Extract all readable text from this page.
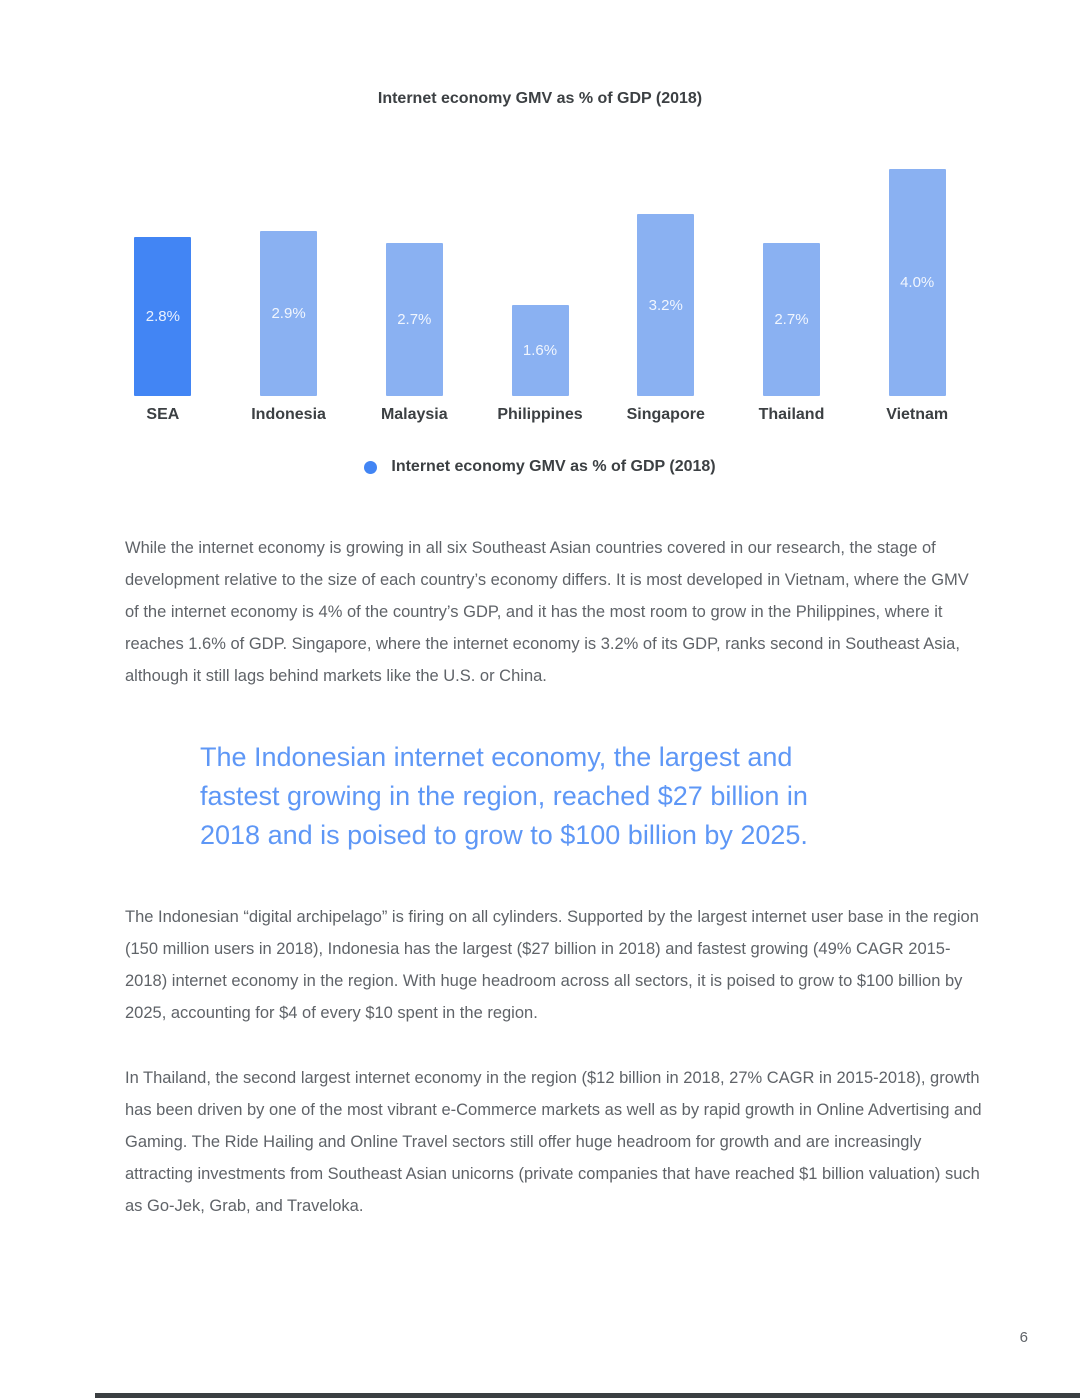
Internet economy GMV as % of GDP (2018)
2.8%	2.9%	2.7%
1.6%
3.2%
2.7%
4.0%
SEA	Indonesia	Malaysia	Philippines	Singapore	Thailand	Vietnam
Internet economy GMV as % of GDP (2018)

While the internet economy is growing in all six Southeast Asian countries covered in our research, the stage of development relative to the size of each country’s economy differs. It is most developed in Vietnam, where the GMV of the internet economy is 4% of the country’s GDP, and it has the most room to grow in the Philippines, where it reaches 1.6% of GDP. Singapore, where the internet economy is 3.2% of its GDP, ranks second in Southeast Asia, although it still lags behind markets like the U.S. or China.

The Indonesian internet economy, the largest and fastest growing in the region, reached $27 billion in 2018 and is poised to grow to $100 billion by 2025.

The Indonesian “digital archipelago” is firing on all cylinders. Supported by the largest internet user base in the region (150 million users in 2018), Indonesia has the largest ($27 billion in 2018) and fastest growing (49% CAGR 2015-2018) internet economy in the region. With huge headroom across all sectors, it is poised to grow to $100 billion by 2025, accounting for $4 of every $10 spent in the region.

In Thailand, the second largest internet economy in the region ($12 billion in 2018, 27% CAGR in 2015-2018), growth has been driven by one of the most vibrant e-Commerce markets as well as by rapid growth in Online Advertising and Gaming. The Ride Hailing and Online Travel sectors still offer huge headroom for growth and are increasingly attracting investments from Southeast Asian unicorns (private companies that have reached $1 billion valuation) such as Go-Jek, Grab, and Traveloka.

6
